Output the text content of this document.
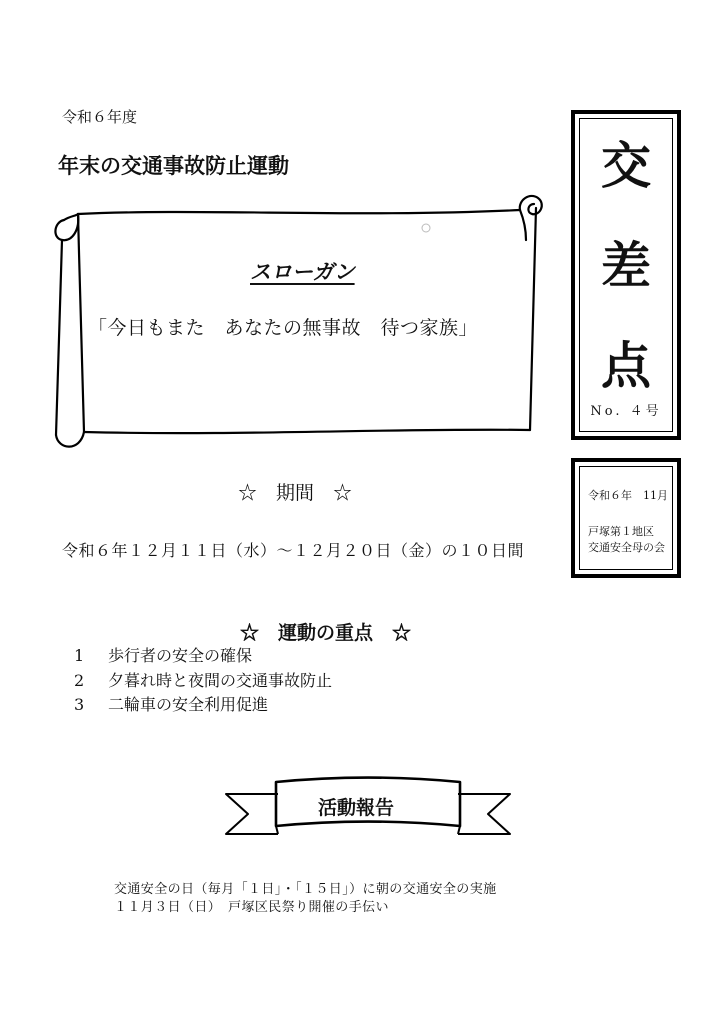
令和６年度
年末の交通事故防止運動
スローガン
「今日もまた　あなたの無事故　待つ家族」
交
差
点
No. ４号
令和６年　11月
戸塚第１地区
交通安全母の会
☆　期間　☆
令和６年１２月１１日（水）～１２月２０日（金）の１０日間
☆　運動の重点　☆
1 歩行者の安全の確保
2 夕暮れ時と夜間の交通事故防止
3 二輪車の安全利用促進
活動報告
交通安全の日（毎月「１日」・「１５日」）に朝の交通安全の実施
１１月３日（日）　戸塚区民祭り開催の手伝い
